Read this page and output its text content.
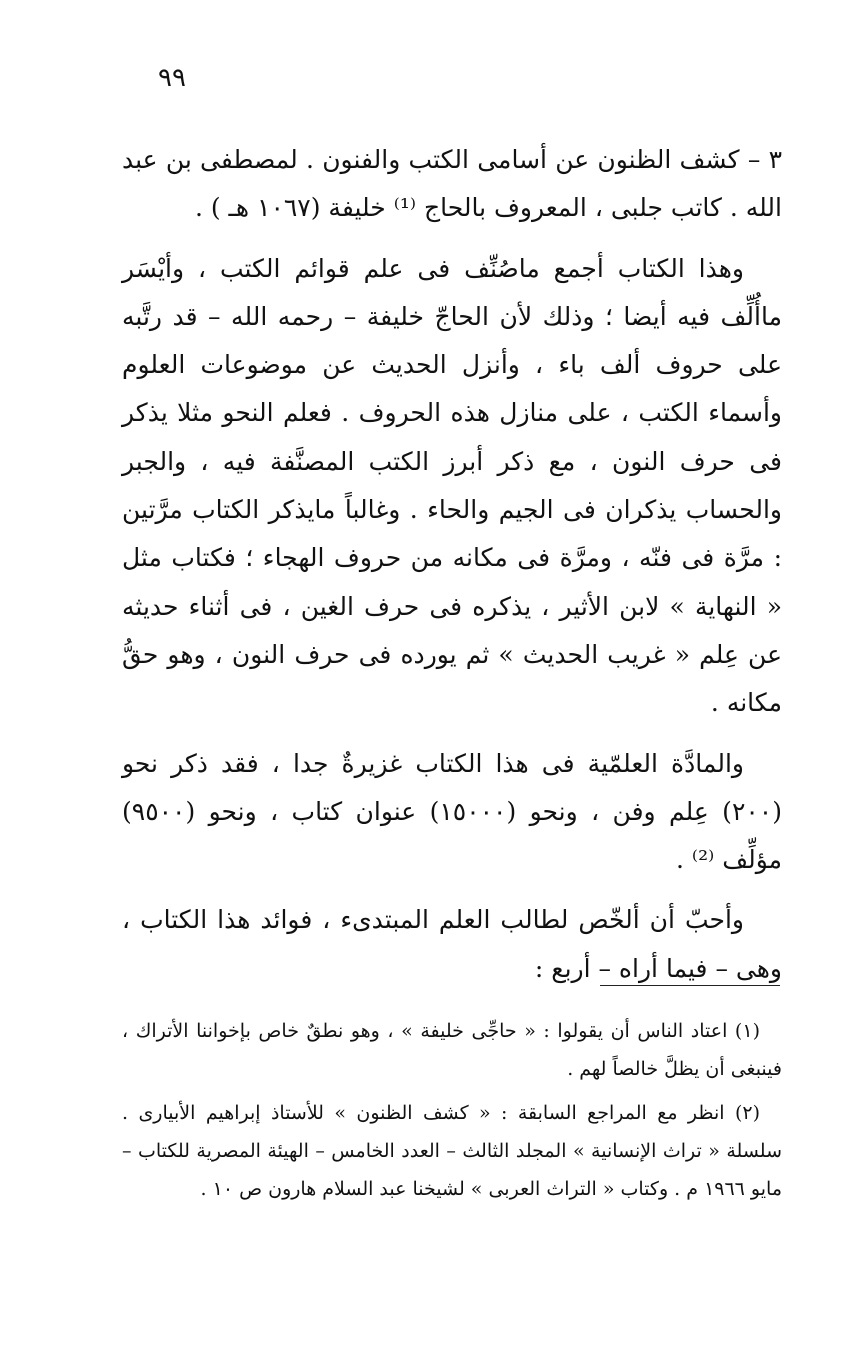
٩٩

٣ – كشف الظنون عن أسامى الكتب والفنون . لمصطفى بن عبد الله . كاتب جلبى ، المعروف بالحاج ⁽¹⁾ خليفة (١٠٦٧ هـ ) .

وهذا الكتاب أجمع ماصُنِّف فى علم قوائم الكتب ، وأيْسَر ماأُلِّف فيه أيضا ؛ وذلك لأن الحاجّ خليفة – رحمه الله – قد رتَّبه على حروف ألف باء ، وأنزل الحديث عن موضوعات العلوم وأسماء الكتب ، على منازل هذه الحروف . فعلم النحو مثلا يذكر فى حرف النون ، مع ذكر أبرز الكتب المصنَّفة فيه ، والجبر والحساب يذكران فى الجيم والحاء . وغالباً مايذكر الكتاب مرَّتين : مرَّة فى فنّه ، ومرَّة فى مكانه من حروف الهجاء ؛ فكتاب مثل « النهاية » لابن الأثير ، يذكره فى حرف الغين ، فى أثناء حديثه عن عِلم « غريب الحديث » ثم يورده فى حرف النون ، وهو حقُّ مكانه .

والمادَّة العلمّية فى هذا الكتاب غزيرةٌ جدا ، فقد ذكر نحو (٢٠٠) عِلم وفن ، ونحو (١٥٠٠٠) عنوان كتاب ، ونحو (٩٥٠٠) مؤلِّف ⁽²⁾ .

وأحبّ أن ألخّص لطالب العلم المبتدىء ، فوائد هذا الكتاب ، وهى – فيما أراه – أربع :

(١) اعتاد الناس أن يقولوا : « حاجِّى خليفة » ، وهو نطقٌ خاص بإخواننا الأتراك ، فينبغى أن يظلَّ خالصاً لهم .

(٢) انظر مع المراجع السابقة : « كشف الظنون » للأستاذ إبراهيم الأبيارى . سلسلة « تراث الإنسانية » المجلد الثالث – العدد الخامس – الهيئة المصرية للكتاب – مايو ١٩٦٦ م . وكتاب « التراث العربى » لشيخنا عبد السلام هارون ص ١٠ .
